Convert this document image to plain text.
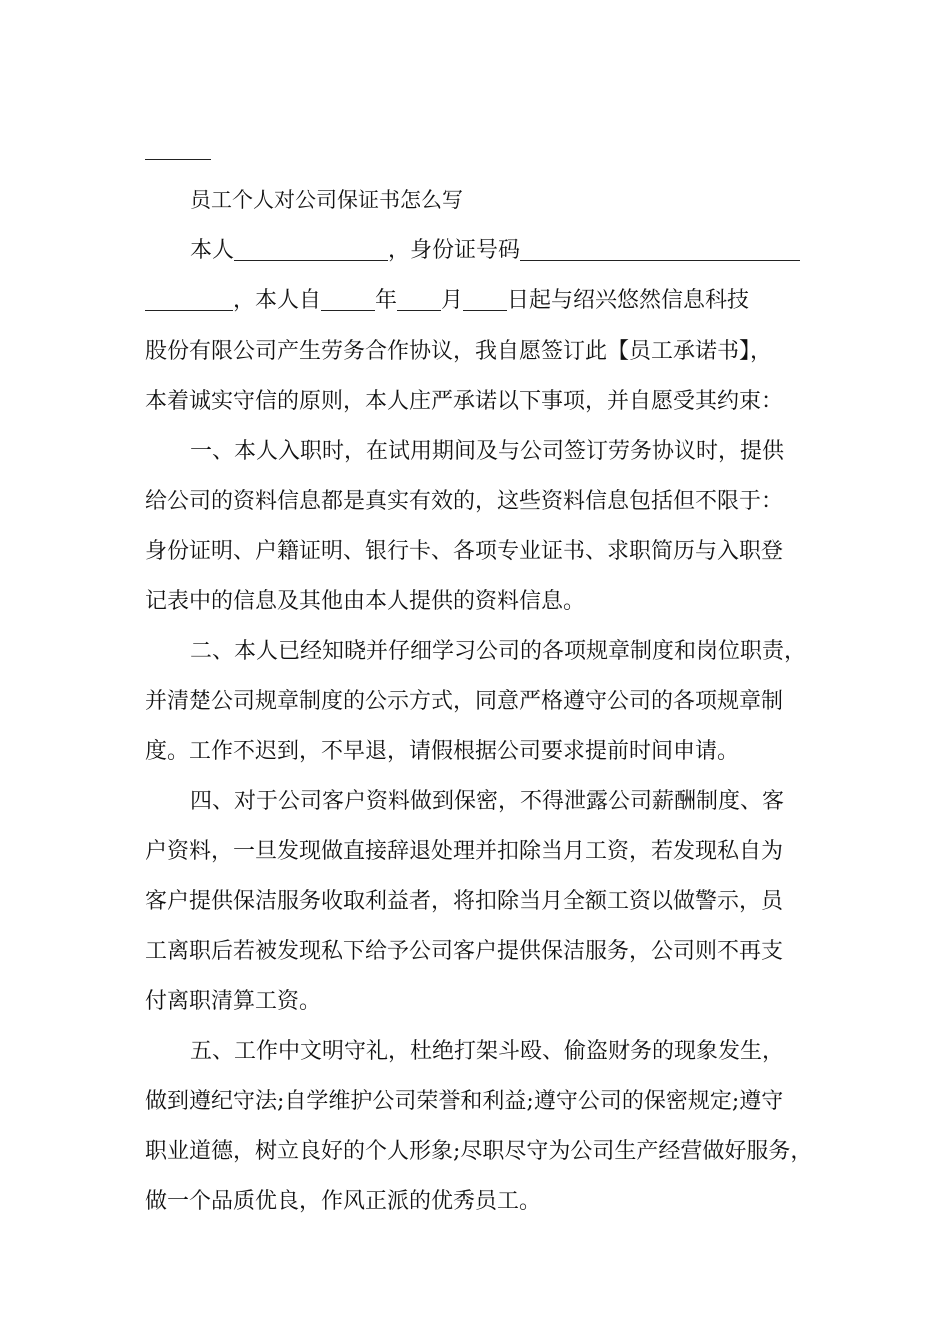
员工个人对公司保证书怎么写
本人	，身份证号码
，本人自 年 月 日起与绍兴悠然信息科技
股份有限公司产生劳务合作协议，我自愿签订此【员工承诺书】，
本着诚实守信的原则，本人庄严承诺以下事项，并自愿受其约束：
一、本人入职时，在试用期间及与公司签订劳务协议时，提供
给公司的资料信息都是真实有效的，这些资料信息包括但不限于：
身份证明、户籍证明、银行卡、各项专业证书、求职简历与入职登
记表中的信息及其他由本人提供的资料信息。
二、本人已经知晓并仔细学习公司的各项规章制度和岗位职责，
并清楚公司规章制度的公示方式，同意严格遵守公司的各项规章制
度。工作不迟到，不早退，请假根据公司要求提前时间申请。
四、对于公司客户资料做到保密，不得泄露公司薪酬制度、客
户资料，一旦发现做直接辞退处理并扣除当月工资，若发现私自为
客户提供保洁服务收取利益者，将扣除当月全额工资以做警示，员
工离职后若被发现私下给予公司客户提供保洁服务，公司则不再支
付离职清算工资。
五、工作中文明守礼，杜绝打架斗殴、偷盗财务的现象发生，
做到遵纪守法;自学维护公司荣誉和利益;遵守公司的保密规定;遵守
职业道德，树立良好的个人形象;尽职尽守为公司生产经营做好服务，
做一个品质优良，作风正派的优秀员工。
